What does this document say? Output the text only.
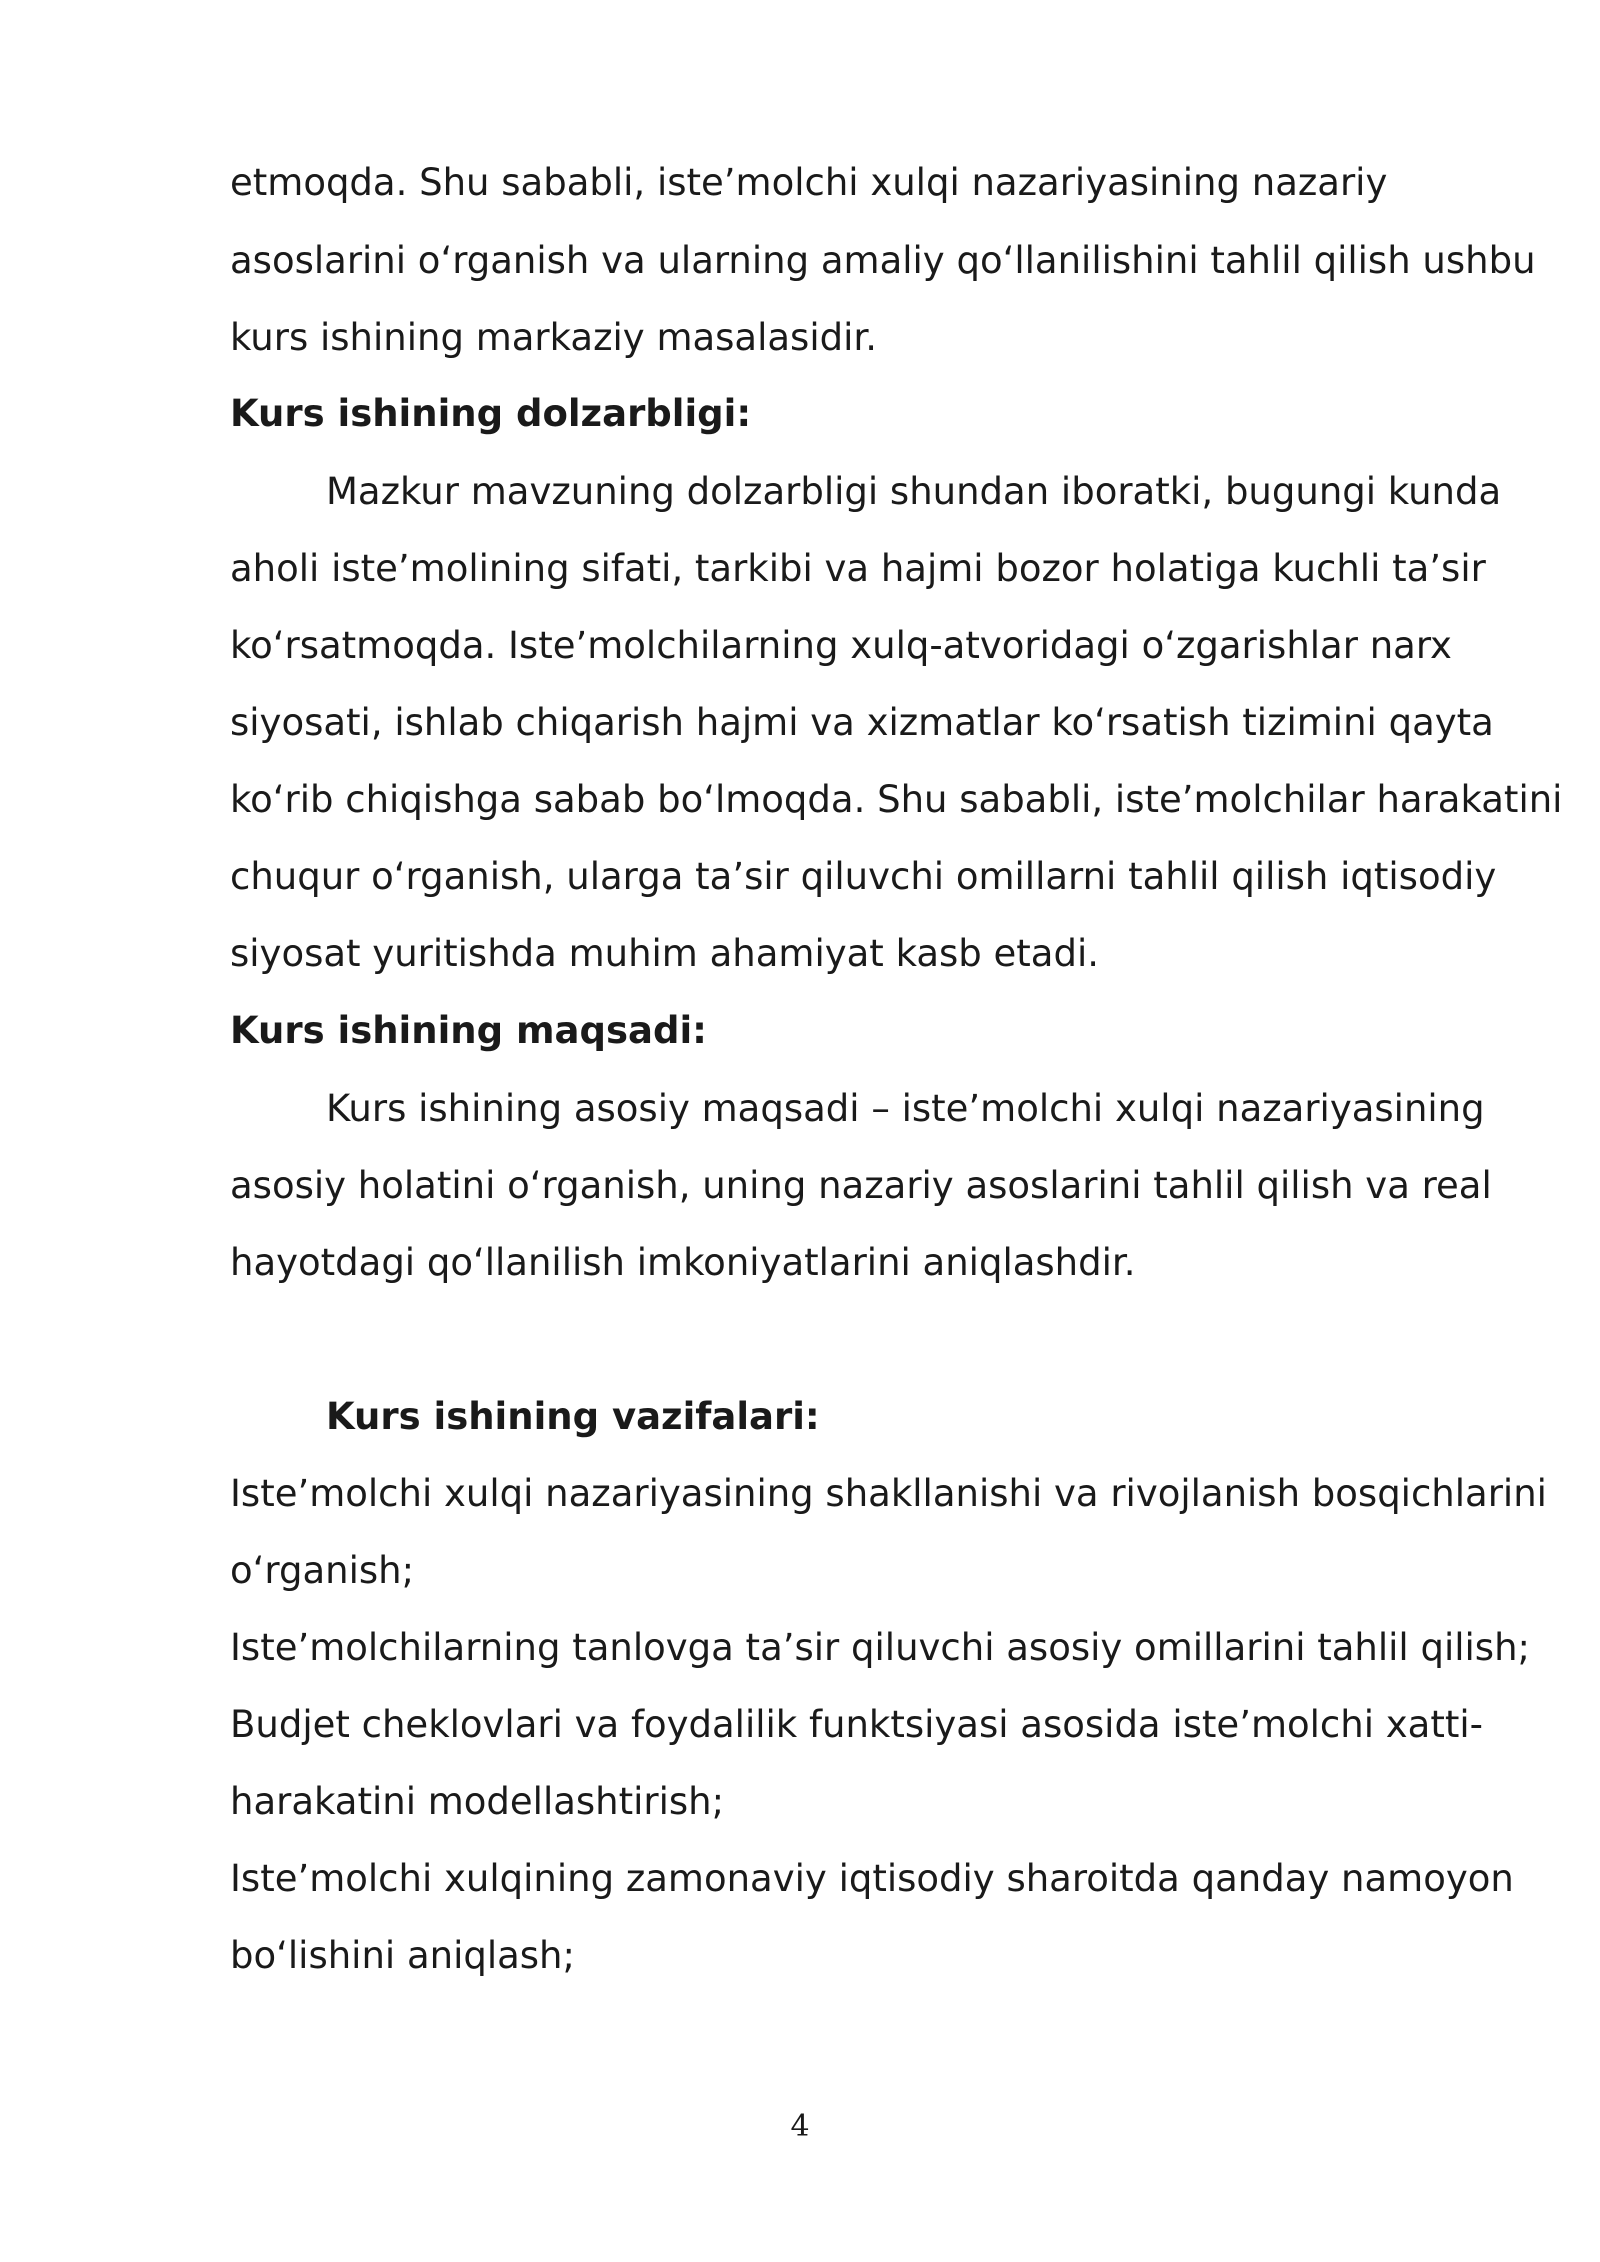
etmoqda. Shu sababli, iste’molchi xulqi nazariyasining nazariy
asoslarini o‘rganish va ularning amaliy qo‘llanilishini tahlil qilish ushbu
kurs ishining markaziy masalasidir.
Kurs ishining dolzarbligi:
Mazkur mavzuning dolzarbligi shundan iboratki, bugungi kunda
aholi iste’molining sifati, tarkibi va hajmi bozor holatiga kuchli ta’sir
ko‘rsatmoqda. Iste’molchilarning xulq-atvoridagi o‘zgarishlar narx
siyosati, ishlab chiqarish hajmi va xizmatlar ko‘rsatish tizimini qayta
ko‘rib chiqishga sabab bo‘lmoqda. Shu sababli, iste’molchilar harakatini
chuqur o‘rganish, ularga ta’sir qiluvchi omillarni tahlil qilish iqtisodiy
siyosat yuritishda muhim ahamiyat kasb etadi.
Kurs ishining maqsadi:
Kurs ishining asosiy maqsadi – iste’molchi xulqi nazariyasining
asosiy holatini o‘rganish, uning nazariy asoslarini tahlil qilish va real
hayotdagi qo‘llanilish imkoniyatlarini aniqlashdir.
Kurs ishining vazifalari:
Iste’molchi xulqi nazariyasining shakllanishi va rivojlanish bosqichlarini
o‘rganish;
Iste’molchilarning tanlovga ta’sir qiluvchi asosiy omillarini tahlil qilish;
Budjet cheklovlari va foydalilik funktsiyasi asosida iste’molchi xatti-
harakatini modellashtirish;
Iste’molchi xulqining zamonaviy iqtisodiy sharoitda qanday namoyon
bo‘lishini aniqlash;
4
